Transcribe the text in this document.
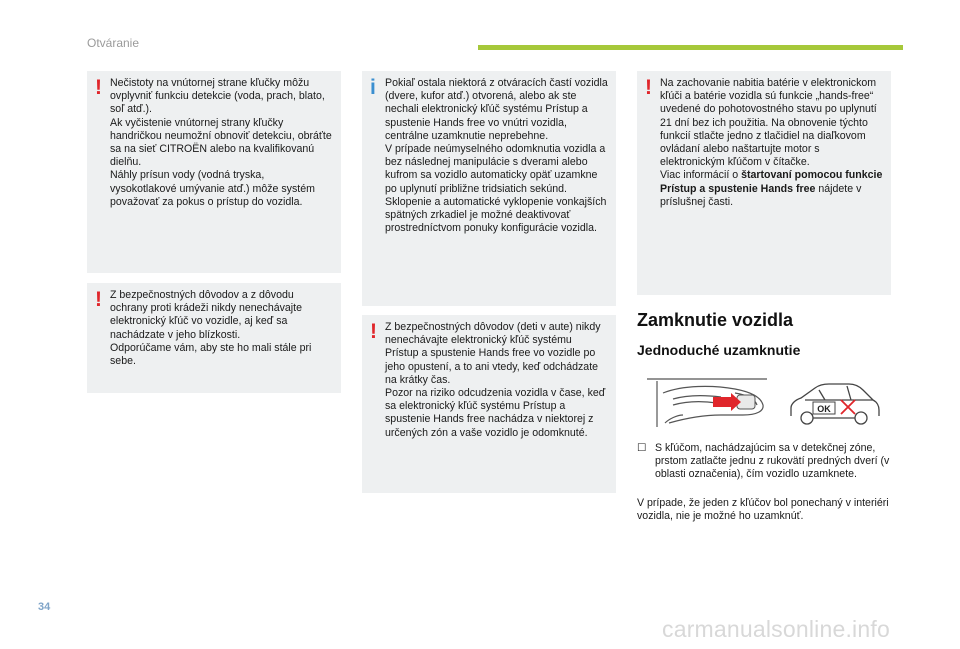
Otváranie
! Nečistoty na vnútornej strane kľučky môžu ovplyvniť funkciu detekcie (voda, prach, blato, soľ atď.).
Ak vyčistenie vnútornej strany kľučky handričkou neumožní obnoviť detekciu, obráťte sa na sieť CITROËN alebo na kvalifikovanú dielňu.
Náhly prísun vody (vodná tryska, vysokotlakové umývanie atď.) môže systém považovať za pokus o prístup do vozidla.

! Z bezpečnostných dôvodov a z dôvodu ochrany proti krádeži nikdy nenechávajte elektronický kľúč vo vozidle, aj keď sa nachádzate v jeho blízkosti.
Odporúčame vám, aby ste ho mali stále pri sebe.

i Pokiaľ ostala niektorá z otváracích častí vozidla (dvere, kufor atď.) otvorená, alebo ak ste nechali elektronický kľúč systému Prístup a spustenie Hands free vo vnútri vozidla, centrálne uzamknutie neprebehne.
V prípade neúmyselného odomknutia vozidla a bez následnej manipulácie s dverami alebo kufrom sa vozidlo automaticky opäť uzamkne po uplynutí približne tridsiatich sekúnd.
Sklopenie a automatické vyklopenie vonkajších spätných zrkadiel je možné deaktivovať prostredníctvom ponuky konfigurácie vozidla.

! Z bezpečnostných dôvodov (deti v aute) nikdy nenechávajte elektronický kľúč systému Prístup a spustenie Hands free vo vozidle po jeho opustení, a to ani vtedy, keď odchádzate na krátky čas.
Pozor na riziko odcudzenia vozidla v čase, keď sa elektronický kľúč systému Prístup a spustenie Hands free nachádza v niektorej z určených zón a vaše vozidlo je odomknuté.

! Na zachovanie nabitia batérie v elektronickom kľúči a batérie vozidla sú funkcie „hands-free“ uvedené do pohotovostného stavu po uplynutí 21 dní bez ich použitia. Na obnovenie týchto funkcií stlačte jedno z tlačidiel na diaľkovom ovládaní alebo naštartujte motor s elektronickým kľúčom v čítačke.
Viac informácií o štartovaní pomocou funkcie Prístup a spustenie Hands free nájdete v príslušnej časti.
Zamknutie vozidla
Jednoduché uzamknutie
OK
☐ S kľúčom, nachádzajúcim sa v detekčnej zóne, prstom zatlačte jednu z rukovätí predných dverí (v oblasti označenia), čím vozidlo uzamknete.
V prípade, že jeden z kľúčov bol ponechaný v interiéri vozidla, nie je možné ho uzamknúť.
34
carmanualsonline.info
